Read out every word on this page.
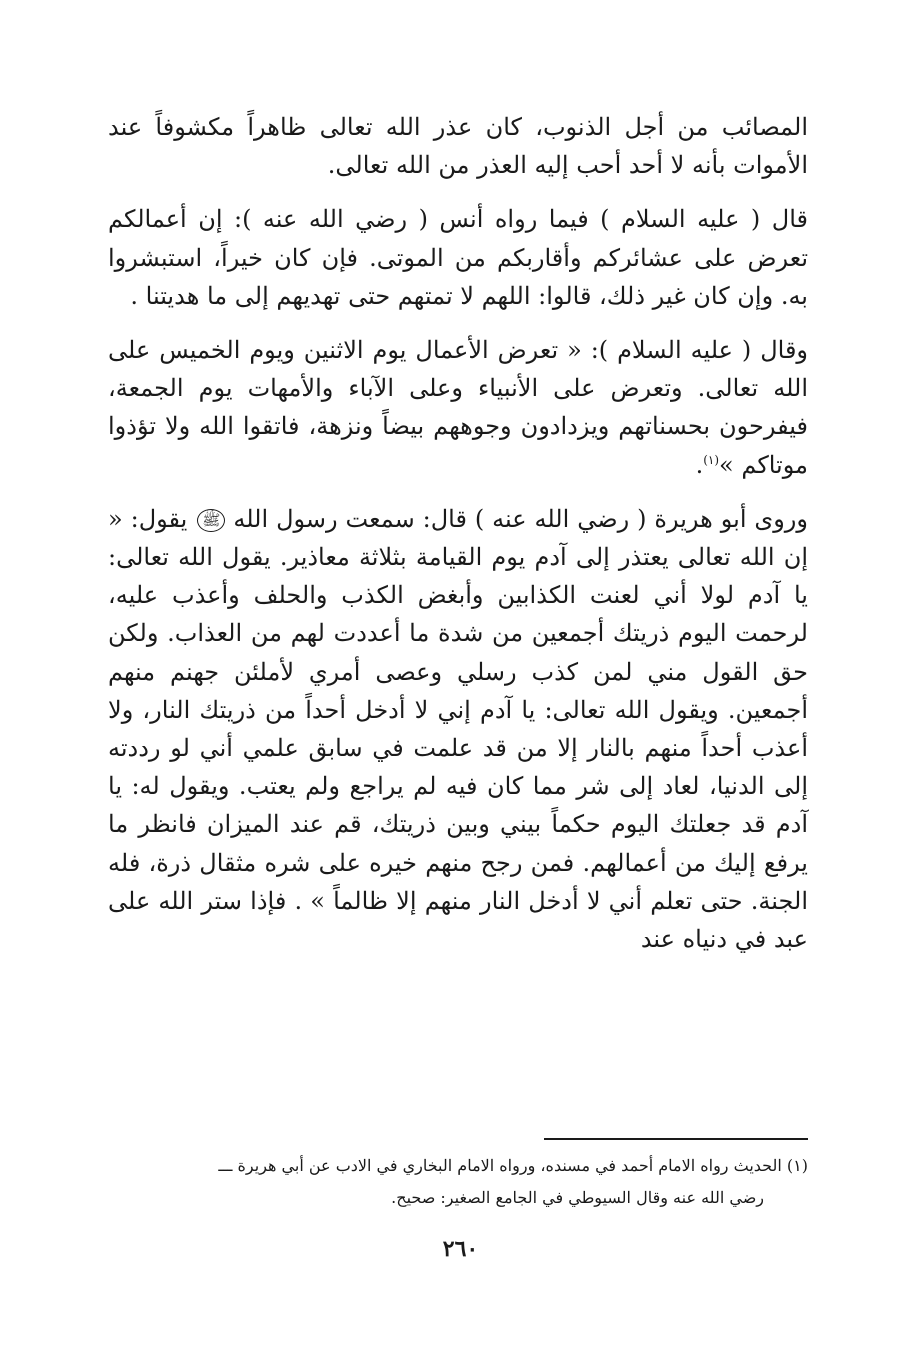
المصائب من أجل الذنوب، كان عذر الله تعالى ظاهراً مكشوفاً عند الأموات بأنه لا أحد أحب إليه العذر من الله تعالى.

قال ( عليه السلام ) فيما رواه أنس ( رضي الله عنه ): إن أعمالكم تعرض على عشائركم وأقاربكم من الموتى. فإن كان خيراً، استبشروا به. وإن كان غير ذلك، قالوا: اللهم لا تمتهم حتى تهديهم إلى ما هديتنا .

وقال ( عليه السلام ): « تعرض الأعمال يوم الاثنين ويوم الخميس على الله تعالى. وتعرض على الأنبياء وعلى الآباء والأمهات يوم الجمعة، فيفرحون بحسناتهم ويزدادون وجوههم بيضاً ونزهة، فاتقوا الله ولا تؤذوا موتاكم »$^{(١)}$.

وروى أبو هريرة ( رضي الله عنه ) قال: سمعت رسول الله ﷺ يقول: « إن الله تعالى يعتذر إلى آدم يوم القيامة بثلاثة معاذير. يقول الله تعالى: يا آدم لولا أني لعنت الكذابين وأبغض الكذب والحلف وأعذب عليه، لرحمت اليوم ذريتك أجمعين من شدة ما أعددت لهم من العذاب. ولكن حق القول مني لمن كذب رسلي وعصى أمري لأملئن جهنم منهم أجمعين. ويقول الله تعالى: يا آدم إني لا أدخل أحداً من ذريتك النار، ولا أعذب أحداً منهم بالنار إلا من قد علمت في سابق علمي أني لو رددته إلى الدنيا، لعاد إلى شر مما كان فيه لم يراجع ولم يعتب. ويقول له: يا آدم قد جعلتك اليوم حكماً بيني وبين ذريتك، قم عند الميزان فانظر ما يرفع إليك من أعمالهم. فمن رجح منهم خيره على شره مثقال ذرة، فله الجنة. حتى تعلم أني لا أدخل النار منهم إلا ظالماً » . فإذا ستر الله على عبد في دنياه عند

(١) الحديث رواه الامام أحمد في مسنده، ورواه الامام البخاري في الادب عن أبي هريرة ـــ
رضي الله عنه وقال السيوطي في الجامع الصغير: صحيح.
٢٦٠
